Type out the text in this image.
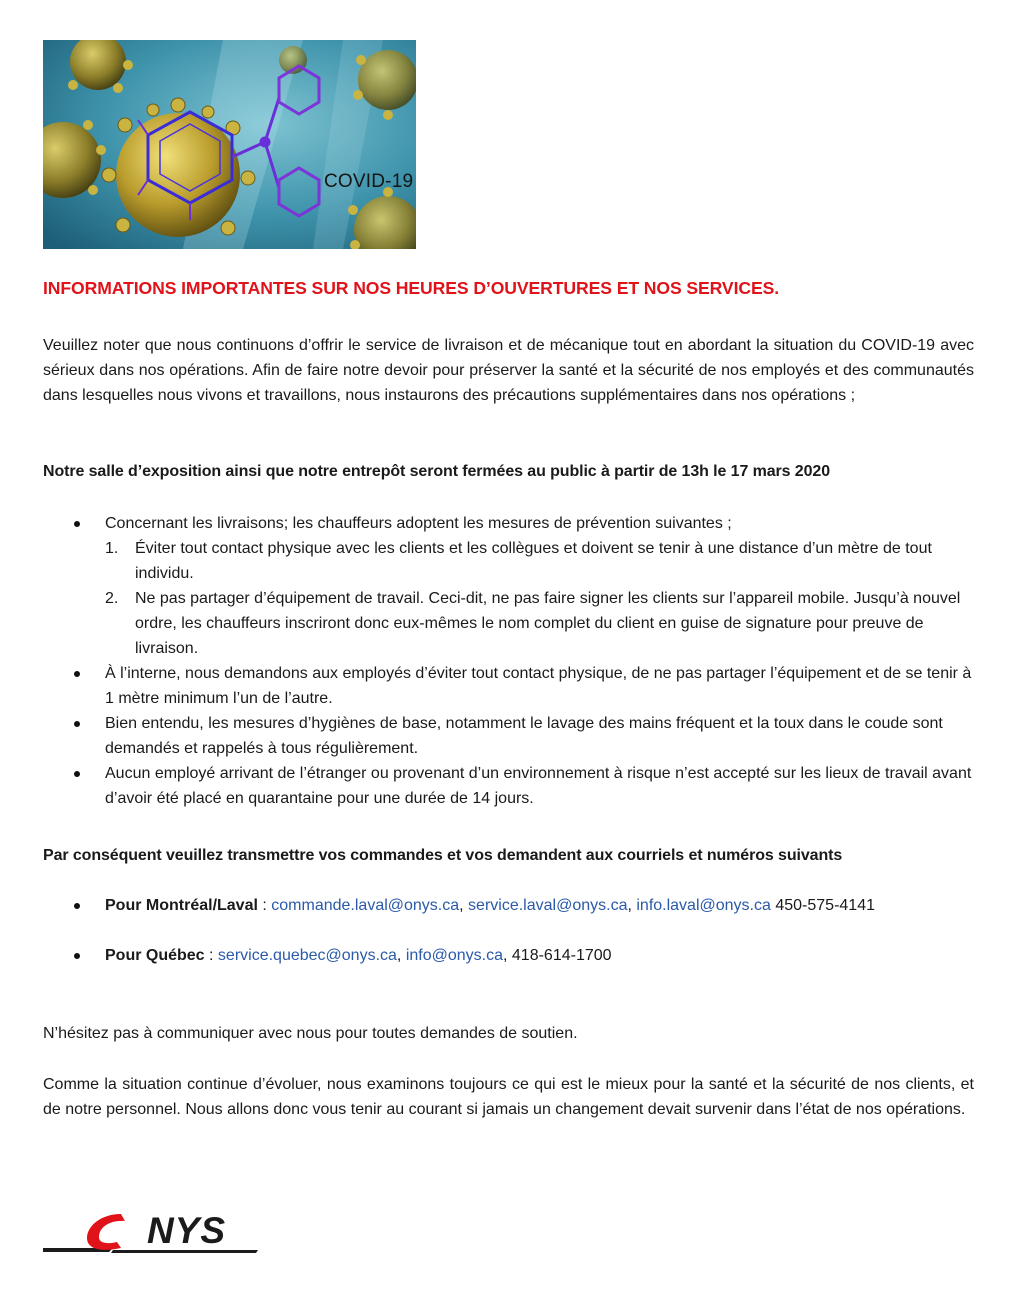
COVID-19
INFORMATIONS IMPORTANTES SUR NOS HEURES D’OUVERTURES ET NOS SERVICES.
Veuillez noter que nous continuons d’offrir le service de livraison et de mécanique tout en abordant la situation du COVID-19 avec sérieux dans nos opérations. Afin de faire notre devoir pour préserver la santé et la sécurité de nos employés et des communautés dans lesquelles nous vivons et travaillons, nous instaurons des précautions supplémentaires dans nos opérations ;
Notre salle d’exposition ainsi que notre entrepôt seront fermées au public à partir de 13h le 17 mars 2020
Concernant les livraisons; les chauffeurs adoptent les mesures de prévention suivantes ;
1. Éviter tout contact physique avec les clients et les collègues et doivent se tenir à une distance d’un mètre de tout individu.
2. Ne pas partager d’équipement de travail. Ceci-dit, ne pas faire signer les clients sur l’appareil mobile. Jusqu’à nouvel ordre, les chauffeurs inscriront donc eux-mêmes le nom complet du client en guise de signature pour preuve de livraison.
À l’interne, nous demandons aux employés d’éviter tout contact physique, de ne pas partager l’équipement et de se tenir à 1 mètre minimum l’un de l’autre.
Bien entendu, les mesures d’hygiènes de base, notamment le lavage des mains fréquent et la toux dans le coude sont demandés et rappelés à tous régulièrement.
Aucun employé arrivant de l’étranger ou provenant d’un environnement à risque n’est accepté sur les lieux de travail avant d’avoir été placé en quarantaine pour une durée de 14 jours.
Par conséquent veuillez transmettre vos commandes et vos demandent aux courriels et numéros suivants
Pour Montréal/Laval : commande.laval@onys.ca, service.laval@onys.ca, info.laval@onys.ca 450-575-4141
Pour Québec : service.quebec@onys.ca, info@onys.ca, 418-614-1700
N’hésitez pas à communiquer avec nous pour toutes demandes de soutien.
Comme la situation continue d’évoluer, nous examinons toujours ce qui est le mieux pour la santé et la sécurité de nos clients, et de notre personnel. Nous allons donc vous tenir au courant si jamais un changement devait survenir dans l’état de nos opérations.
NYS
